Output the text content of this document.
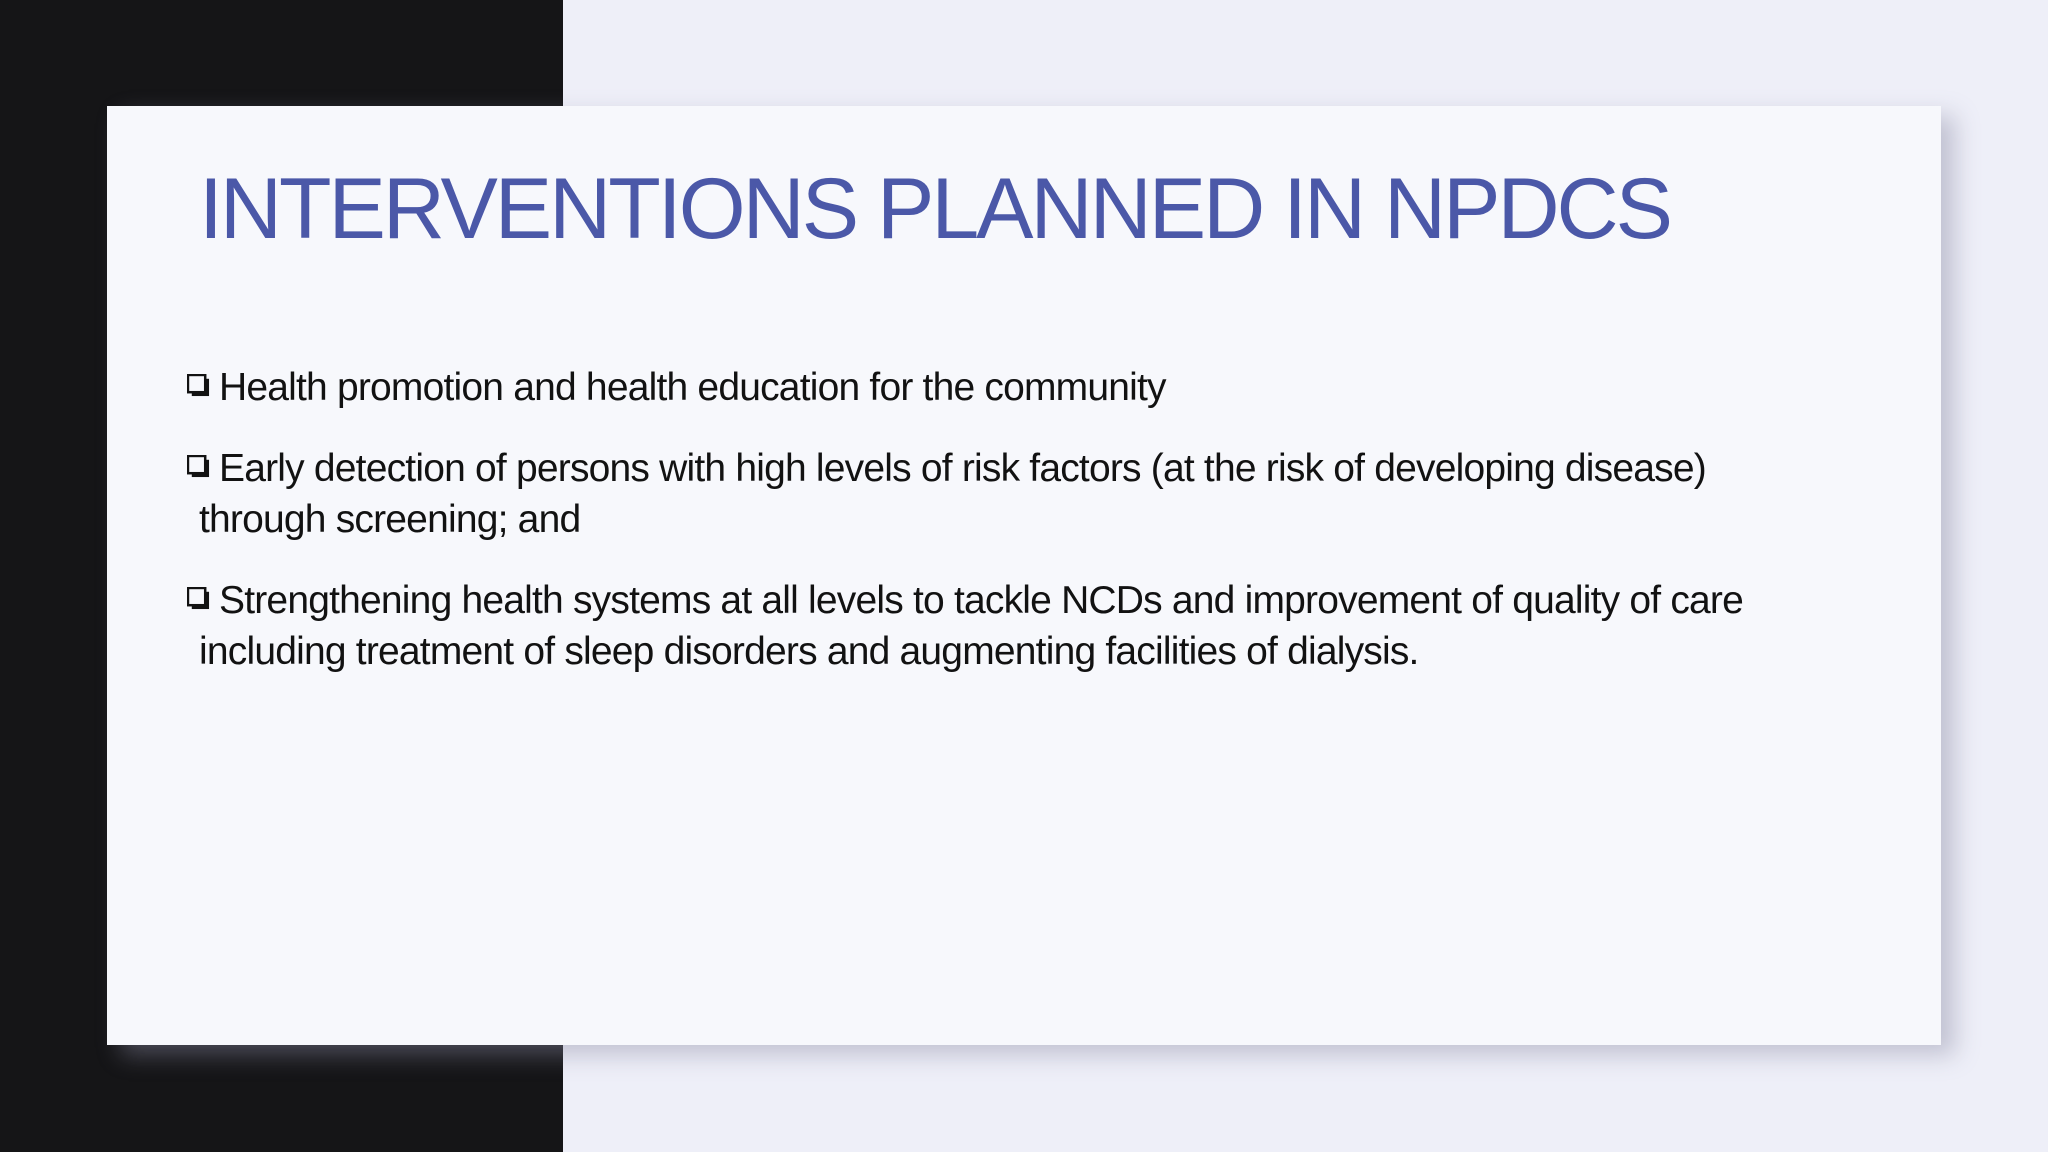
INTERVENTIONS PLANNED IN NPDCS
Health promotion and health education for the community
Early detection of persons with high levels of risk factors (at the risk of developing disease)
through screening; and
Strengthening health systems at all levels to tackle NCDs and improvement of quality of care
including treatment of sleep disorders and augmenting facilities of dialysis.
